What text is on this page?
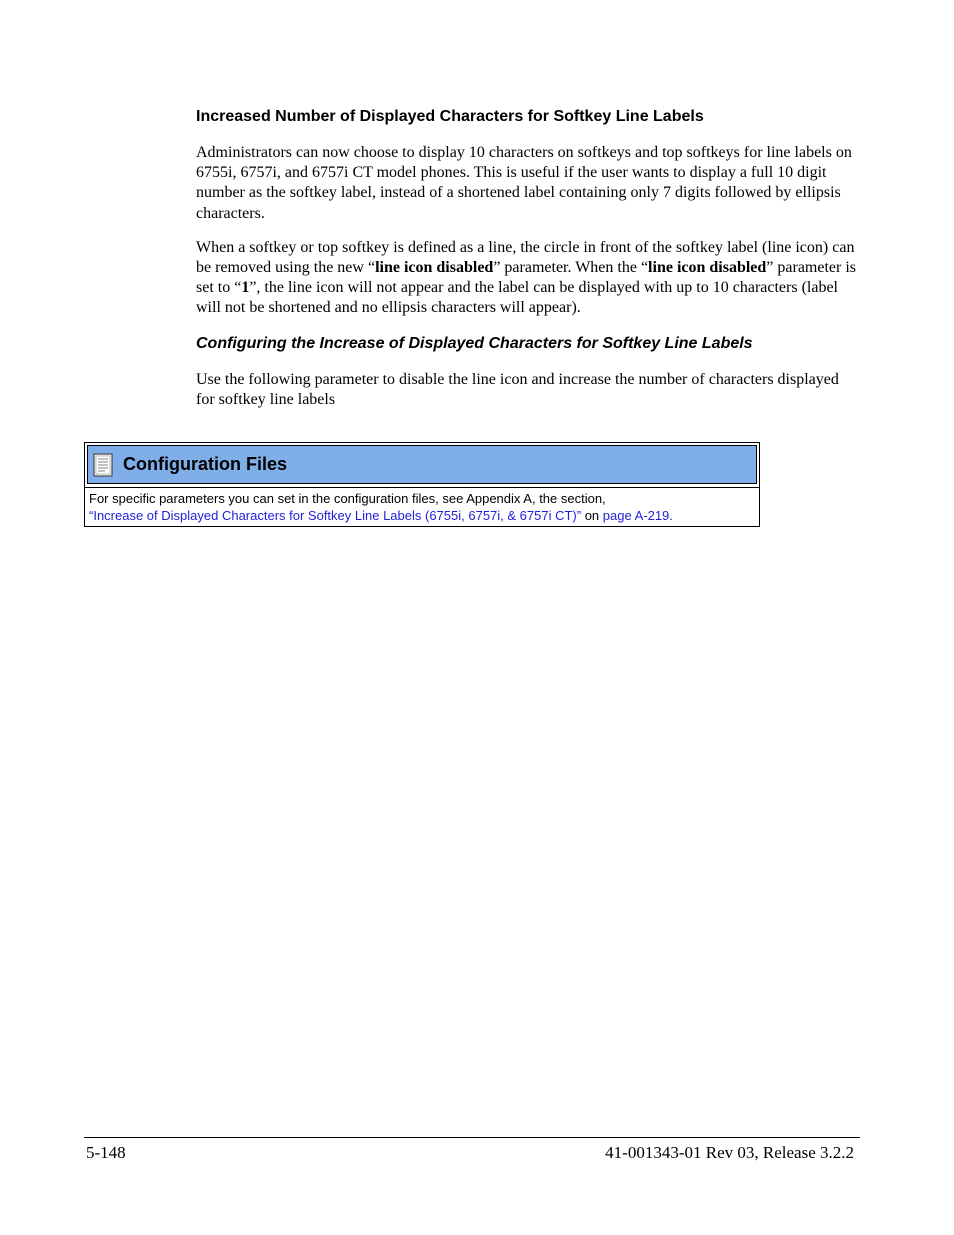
Increased Number of Displayed Characters for Softkey Line Labels

Administrators can now choose to display 10 characters on softkeys and top softkeys for line labels on 6755i, 6757i, and 6757i CT model phones. This is useful if the user wants to display a full 10 digit number as the softkey label, instead of a shortened label containing only 7 digits followed by ellipsis characters.

When a softkey or top softkey is defined as a line, the circle in front of the softkey label (line icon) can be removed using the new “line icon disabled” parameter. When the “line icon disabled” parameter is set to “1”, the line icon will not appear and the label can be displayed with up to 10 characters (label will not be shortened and no ellipsis characters will appear).

Configuring the Increase of Displayed Characters for Softkey Line Labels

Use the following parameter to disable the line icon and increase the number of characters displayed for softkey line labels

Configuration Files
For specific parameters you can set in the configuration files, see Appendix A, the section,
“Increase of Displayed Characters for Softkey Line Labels (6755i, 6757i, & 6757i CT)” on page A-219.
5-148	41-001343-01 Rev 03, Release 3.2.2
